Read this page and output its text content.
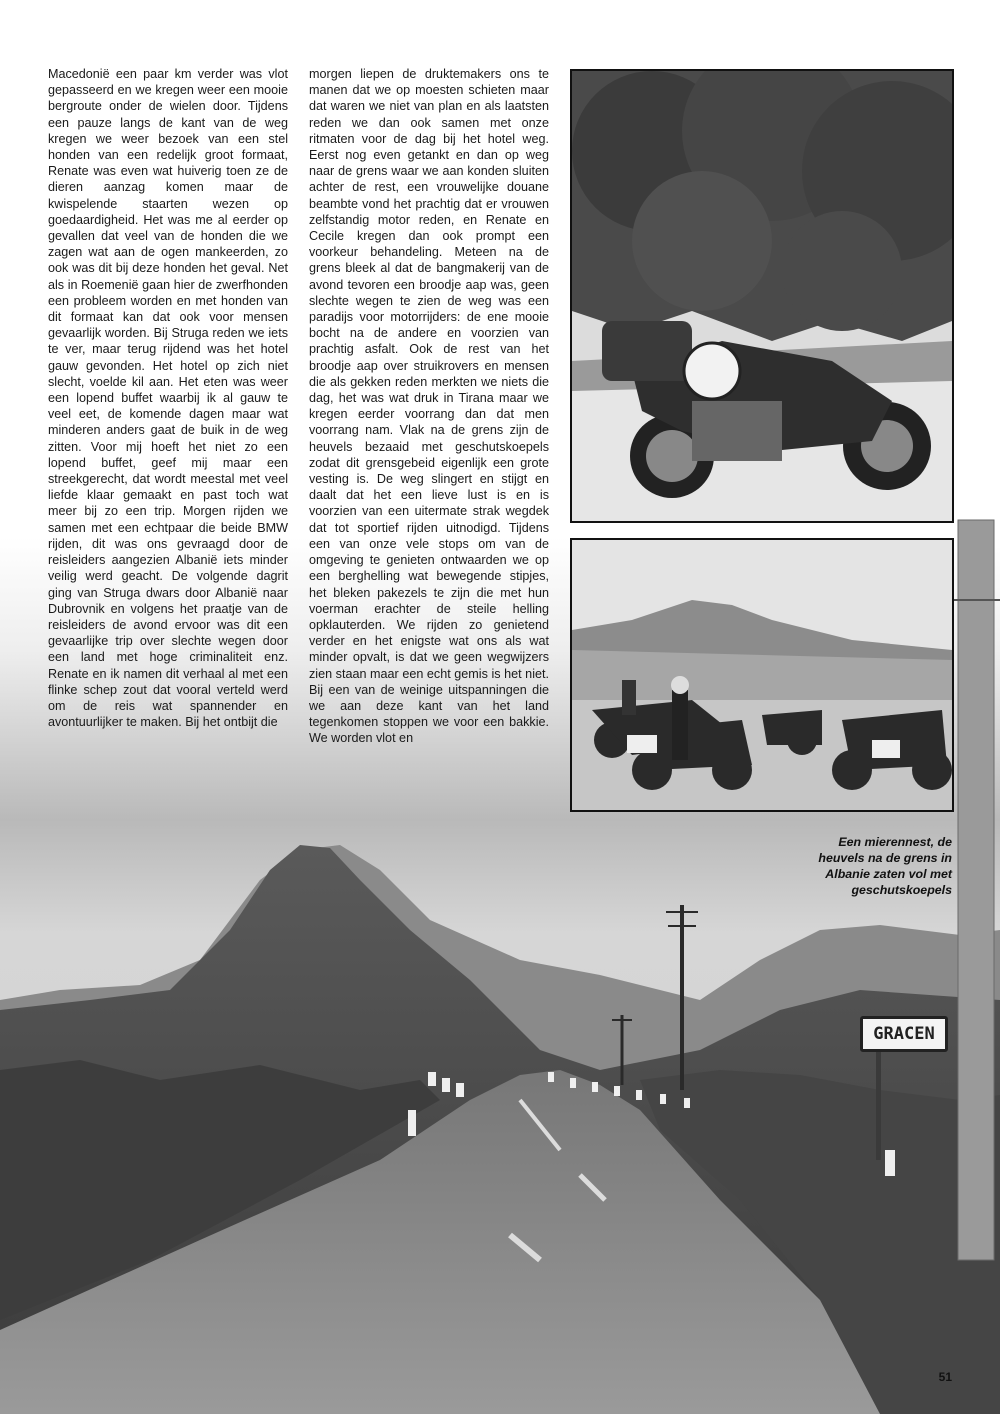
Macedonië een paar km verder was vlot gepasseerd en we kregen weer een mooie bergroute onder de wielen door. Tijdens een pauze langs de kant van de weg kregen we weer bezoek van een stel honden van een redelijk groot formaat, Renate was even wat huiverig toen ze de dieren aanzag komen maar de kwispelende staarten wezen op goedaardigheid. Het was me al eerder op gevallen dat veel van de honden die we zagen wat aan de ogen mankeerden, zo ook was dit bij deze honden het geval. Net als in Roemenië gaan hier de zwerfhonden een probleem worden en met honden van dit formaat kan dat ook voor mensen gevaarlijk worden. Bij Struga reden we iets te ver, maar terug rijdend was het hotel gauw gevonden. Het hotel op zich niet slecht, voelde kil aan. Het eten was weer een lopend buffet waarbij ik al gauw te veel eet, de komende dagen maar wat minderen anders gaat de buik in de weg zitten. Voor mij hoeft het niet zo een lopend buffet, geef mij maar een streekgerecht, dat wordt meestal met veel liefde klaar gemaakt en past toch wat meer bij zo een trip. Morgen rijden we samen met een echtpaar die beide BMW rijden, dit was ons gevraagd door de reisleiders aangezien Albanië iets minder veilig werd geacht. De volgende dagrit ging van Struga dwars door Albanië naar Dubrovnik en volgens het praatje van de reisleiders de avond ervoor was dit een gevaarlijke trip over slechte wegen door een land met hoge criminaliteit enz. Renate en ik namen dit verhaal al met een flinke schep zout dat vooral verteld werd om de reis wat spannender en avontuurlijker te maken. Bij het ontbijt die

morgen liepen de druktemakers ons te manen dat we op moesten schieten maar dat waren we niet van plan en als laatsten reden we dan ook samen met onze ritmaten voor de dag bij het hotel weg. Eerst nog even getankt en dan op weg naar de grens waar we aan konden sluiten achter de rest, een vrouwelijke douane beambte vond het prachtig dat er vrouwen zelfstandig motor reden, en Renate en Cecile kregen dan ook prompt een voorkeur behandeling. Meteen na de grens bleek al dat de bangmakerij van de avond tevoren een broodje aap was, geen slechte wegen te zien de weg was een paradijs voor motorrijders: de ene mooie bocht na de andere en voorzien van prachtig asfalt. Ook de rest van het broodje aap over struikrovers en mensen die als gekken reden merkten we niets die dag, het was wat druk in Tirana maar we kregen eerder voorrang dan dat men voorrang nam. Vlak na de grens zijn de heuvels bezaaid met geschutskoepels zodat dit grensgebeid eigenlijk een grote vesting is. De weg slingert en stijgt en daalt dat het een lieve lust is en is voorzien van een uitermate strak wegdek dat tot sportief rijden uitnodigd. Tijdens een van onze vele stops om van de omgeving te genieten ontwaarden we op een berghelling wat bewegende stipjes, het bleken pakezels te zijn die met hun voerman erachter de steile helling opklauterden. We rijden zo genietend verder en het enigste wat ons als wat minder opvalt, is dat we geen wegwijzers zien staan maar een echt gemis is het niet. Bij een van de weinige uitspanningen die we aan deze kant van het land tegenkomen stoppen we voor een bakkie. We worden vlot en

Een mierennest, de heuvels na de grens in Albanie zaten vol met geschutskoepels
GRACEN
51
